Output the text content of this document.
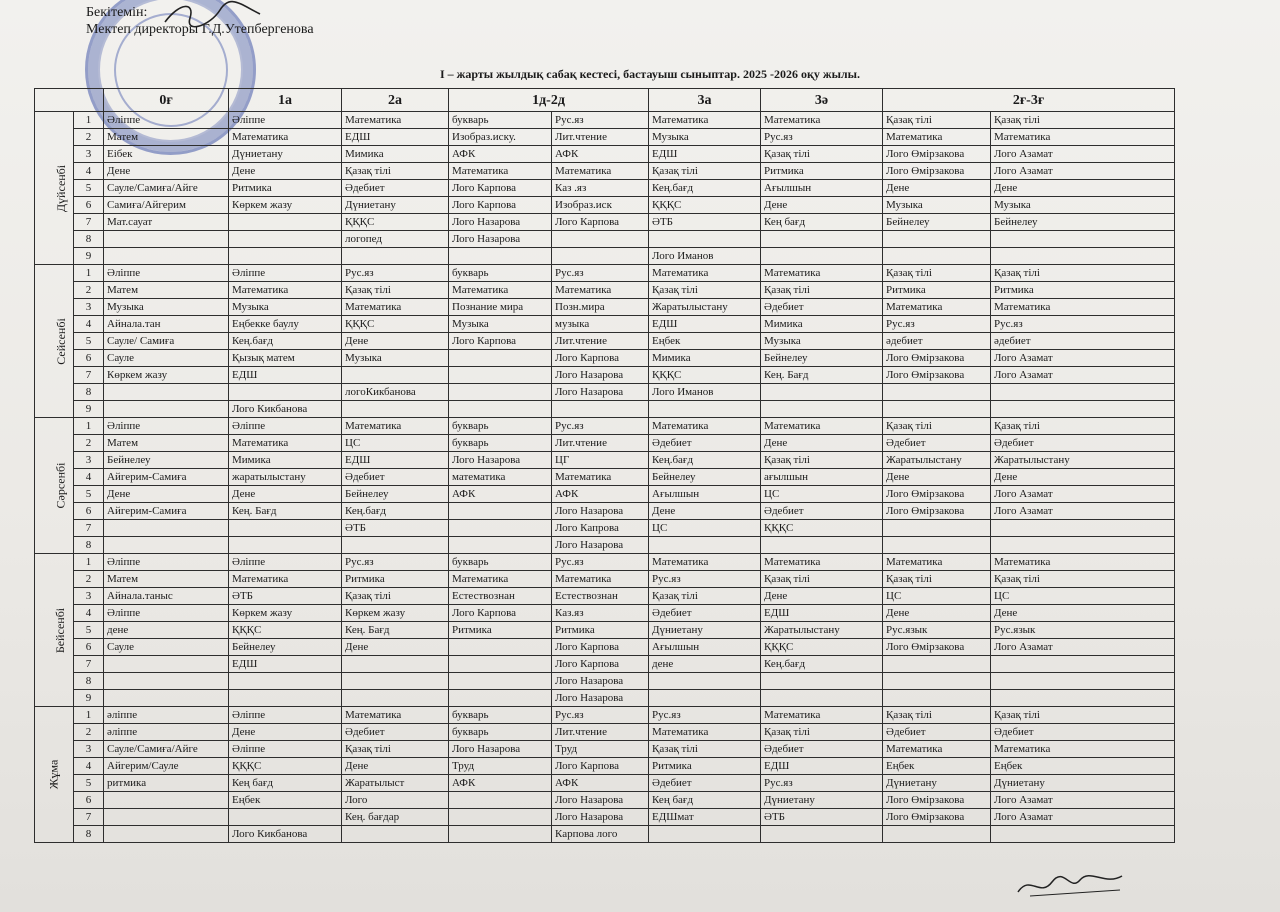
Бекітемін:
Мектеп директоры Г.Д.Утепбергенова
I – жарты жылдық сабақ кестесі, бастауыш сыныптар. 2025 -2026 оқу жылы.
		0ғ	1а	2а	1д-2д		3а	3ә	2ғ-3ғ	
Дүйсенбі	1	Әліппе	Әліппе	Математика	букварь	Рус.яз	Математика	Математика	Қазақ тілі	Қазақ тілі	
	2	Матем	Математика	ЕДШ	Изобраз.иску.	Лит.чтение	Музыка	Рус.яз	Математика	Математика	
	3	Еібек	Дүниетану	Мимика	АФК	АФК	ЕДШ	Қазақ тілі	Лого Өмірзакова	Лого Азамат	
	4	Дене	Дене	Қазақ тілі	Математика	Математика	Қазақ тілі	Ритмика	Лого Өмірзакова	Лого Азамат	
	5	Сауле/Самиға/Айге	Ритмика	Әдебиет	Лого Карпова	Каз .яз	Кең.бағд	Ағылшын	Дене	Дене	
	6	Самиға/Айгерим	Көркем жазу	Дүниетану	Лого Карпова	Изобраз.иск	ҚҚҚС	Дене	Музыка	Музыка	
	7	Мат.сауат		ҚҚҚС	Лого Назарова	Лого Карпова	ӘТБ	Кең бағд	Бейнелеу	Бейнелеу	
	8			логопед	Лого Назарова						
	9						Лого Иманов				
Сейсенбі	1	Әліппе	Әліппе	Рус.яз	букварь	Рус.яз	Математика	Математика	Қазақ тілі	Қазақ тілі	
	2	Матем	Математика	Қазақ тілі	Математика	Математика	Қазақ тілі	Қазақ тілі	Ритмика	Ритмика	
	3	Музыка	Музыка	Математика	Познание мира	Позн.мира	Жаратылыстану	Әдебиет	Математика	Математика	
	4	Айнала.тан	Еңбекке баулу	ҚҚҚС	Музыка	музыка	ЕДШ	Мимика	Рус.яз	Рус.яз	
	5	Сауле/ Самиға	Кең.бағд	Дене	Лого Карпова	Лит.чтение	Еңбек	Музыка	әдебиет	әдебиет	
	6	Сауле	Қызық матем	Музыка		Лого Карпова	Мимика	Бейнелеу	Лого Өмірзакова	Лого Азамат	
	7	Көркем жазу	ЕДШ			Лого Назарова	ҚҚҚС	Кең. Бағд	Лого Өмірзакова	Лого Азамат	
	8			логоКикбанова		Лого Назарова	Лого Иманов				
	9		Лого Кикбанова								
Сәрсенбі	1	Әліппе	Әліппе	Математика	букварь	Рус.яз	Математика	Математика	Қазақ тілі	Қазақ тілі	
	2	Матем	Математика	ЦС	букварь	Лит.чтение	Әдебиет	Дене	Әдебиет	Әдебиет	
	3	Бейнелеу	Мимика	ЕДШ	Лого Назарова	ЦГ	Кең.бағд	Қазақ тілі	Жаратылыстану	Жаратылыстану	
	4	Айгерим-Самиға	жаратылыстану	Әдебиет	математика	Математика	Бейнелеу	ағылшын	Дене	Дене	
	5	Дене	Дене	Бейнелеу	АФК	АФК	Ағылшын	ЦС	Лого Өмірзакова	Лого Азамат	
	6	Айгерим-Самиға	Кең. Бағд	Кең.бағд		Лого Назарова	Дене	Әдебиет	Лого Өмірзакова	Лого Азамат	
	7			ӘТБ		Лого Капрова	ЦС	ҚҚҚС			
	8					Лого Назарова					
Бейсенбі	1	Әліппе	Әліппе	Рус.яз	букварь	Рус.яз	Математика	Математика	Математика	Математика	
	2	Матем	Математика	Ритмика	Математика	Математика	Рус.яз	Қазақ тілі	Қазақ тілі	Қазақ тілі	
	3	Айнала.таныс	ӘТБ	Қазақ тілі	Естествознан	Естествознан	Қазақ тілі	Дене	ЦС	ЦС	
	4	Әліппе	Көркем жазу	Көркем жазу	Лого Карпова	Каз.яз	Әдебиет	ЕДШ	Дене	Дене	
	5	дене	ҚҚҚС	Кең. Бағд	Ритмика	Ритмика	Дүниетану	Жаратылыстану	Рус.язык	Рус.язык	
	6	Сауле	Бейнелеу	Дене		Лого Карпова	Ағылшын	ҚҚҚС	Лого Өмірзакова	Лого Азамат	
	7		ЕДШ			Лого Карпова	дене	Кең.бағд			
	8					Лого Назарова					
	9					Лого Назарова					
Жұма	1	әліппе	Әліппе	Математика	букварь	Рус.яз	Рус.яз	Математика	Қазақ тілі	Қазақ тілі	
	2	әліппе	Дене	Әдебиет	букварь	Лит.чтение	Математика	Қазақ тілі	Әдебиет	Әдебиет	
	3	Сауле/Самиға/Айге	Әліппе	Қазақ тілі	Лого Назарова	Труд	Қазақ тілі	Әдебиет	Математика	Математика	
	4	Айгерим/Сауле	ҚҚҚС	Дене	Труд	Лого Карпова	Ритмика	ЕДШ	Еңбек	Еңбек	
	5	ритмика	Кең бағд	Жаратылыст	АФК	АФК	Әдебиет	Рус.яз	Дүниетану	Дүниетану	
	6		Еңбек	Лого		Лого Назарова	Кең бағд	Дүниетану	Лого Өмірзакова	Лого Азамат	
	7			Кең. бағдар		Лого Назарова	ЕДШмат	ӘТБ	Лого Өмірзакова	Лого Азамат	
	8		Лого Кикбанова			Карпова лого					
